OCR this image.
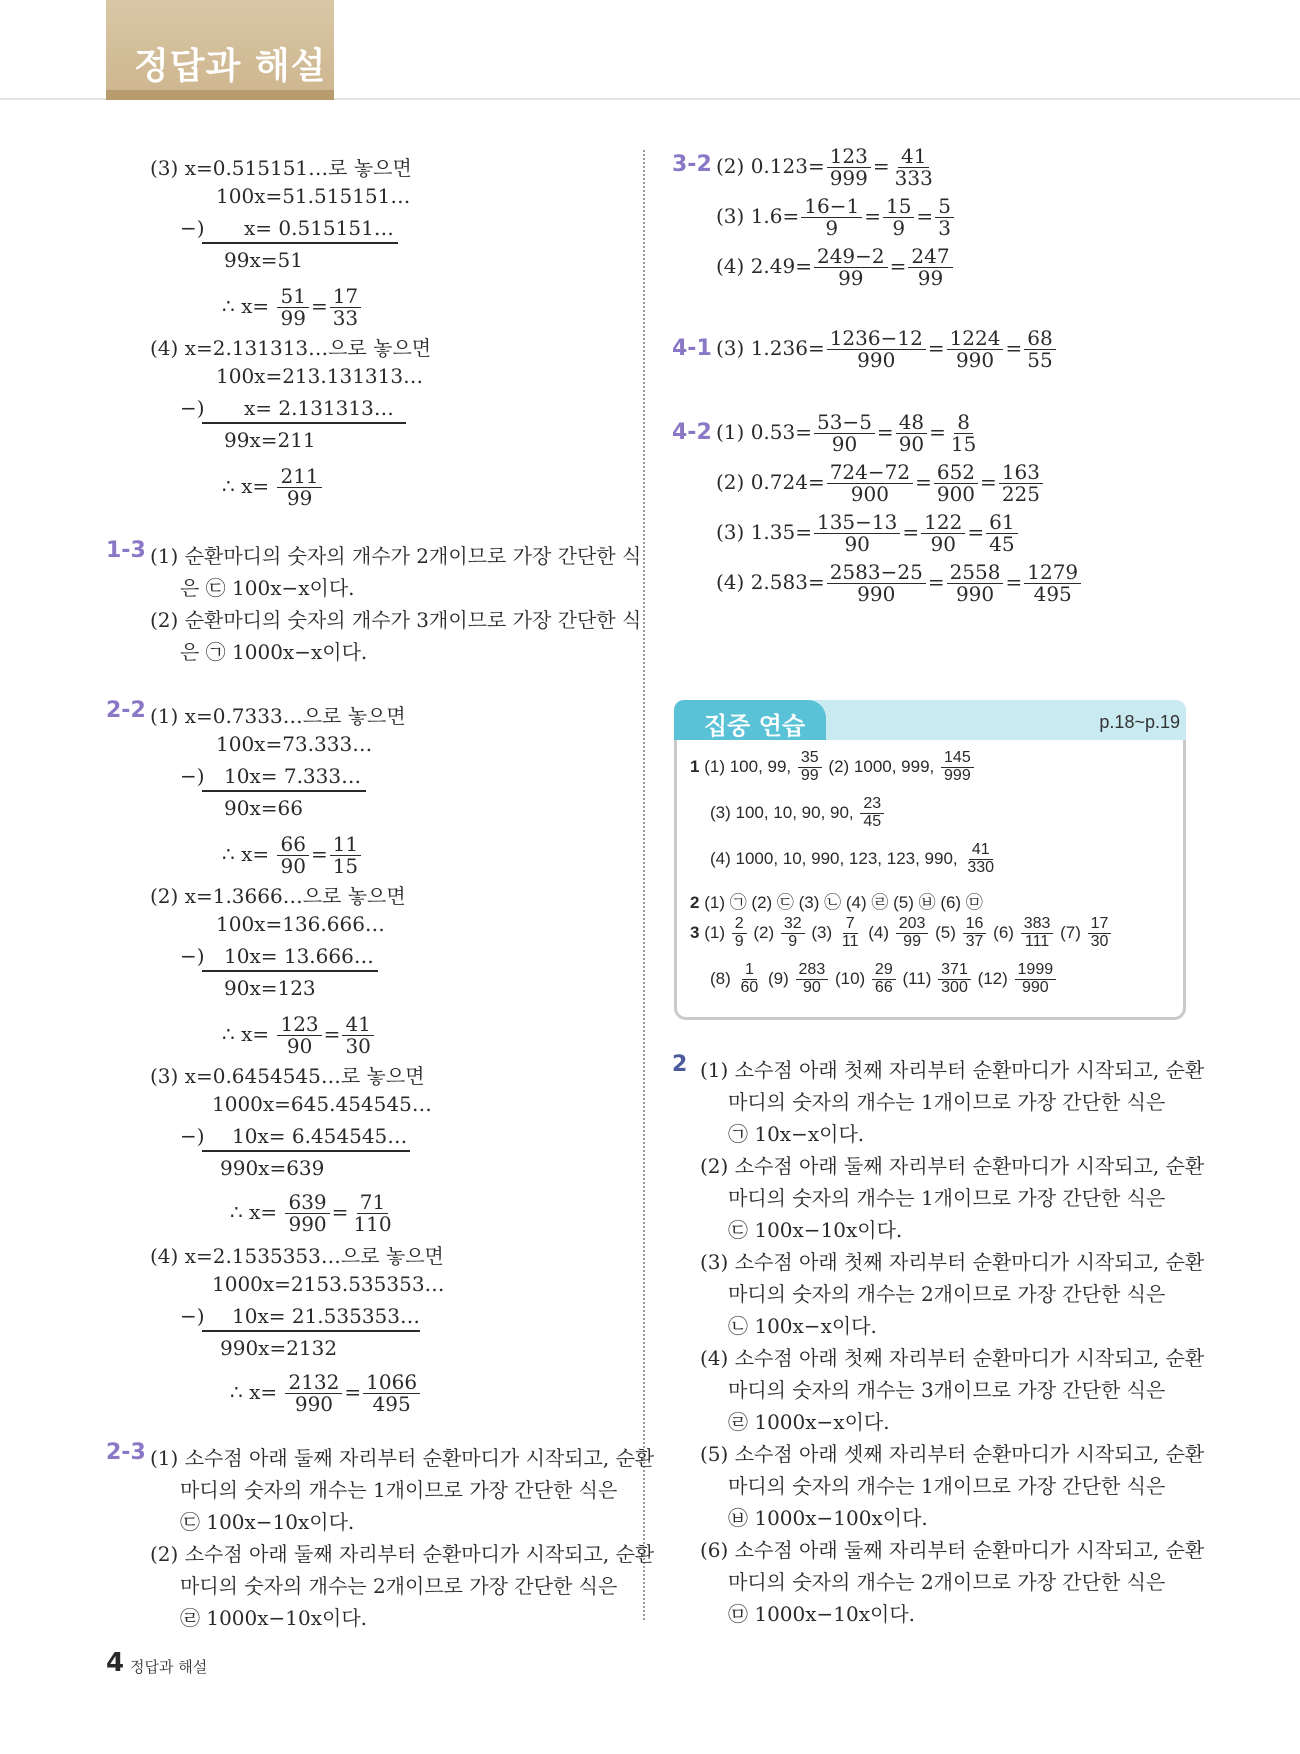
정답과 해설
(3) x=0.515151…로 놓으면
100x=51.515151…
−) x= 0.515151…
99x=51
∴ $x= \frac{51}{99} = \frac{17}{33}$
(4) x=2.131313…으로 놓으면
100x=213.131313…
−) x= 2.131313…
99x=211
∴ $x= \frac{211}{99}$
1-3 (1) 순환마디의 숫자의 개수가 2개이므로 가장 간단한 식
은 ㉢ 100x−x이다.
(2) 순환마디의 숫자의 개수가 3개이므로 가장 간단한 식
은 ㉠ 1000x−x이다.
2-2 (1) x=0.7333…으로 놓으면
100x=73.333…
−) 10x= 7.333…
90x=66
∴ $x= \frac{66}{90} = \frac{11}{15}$
(2) x=1.3666…으로 놓으면
100x=136.666…
−) 10x= 13.666…
90x=123
∴ $x= \frac{123}{90} = \frac{41}{30}$
(3) x=0.6454545…로 놓으면
1000x=645.454545…
−) 10x= 6.454545…
990x=639
∴ $x= \frac{639}{990} = \frac{71}{110}$
(4) x=2.1535353…으로 놓으면
1000x=2153.535353…
−) 10x= 21.535353…
990x=2132
∴ $x= \frac{2132}{990} = \frac{1066}{495}$
2-3 (1) 소수점 아래 둘째 자리부터 순환마디가 시작되고, 순환
마디의 숫자의 개수는 1개이므로 가장 간단한 식은
㉢ 100x−10x이다.
(2) 소수점 아래 둘째 자리부터 순환마디가 시작되고, 순환
마디의 숫자의 개수는 2개이므로 가장 간단한 식은
㉣ 1000x−10x이다.
3-2 (2) $0.123= \frac{123}{999} = \frac{41}{333}$
(3) $1.6= \frac{16-1}{9} = \frac{15}{9} = \frac{5}{3}$
(4) $2.49= \frac{249-2}{99} = \frac{247}{99}$
4-1 (3) $1.236= \frac{1236-12}{990} = \frac{1224}{990} = \frac{68}{55}$
4-2 (1) $0.53= \frac{53-5}{90} = \frac{48}{90} = \frac{8}{15}$
(2) $0.724= \frac{724-72}{900} = \frac{652}{900} = \frac{163}{225}$
(3) $1.35= \frac{135-13}{90} = \frac{122}{90} = \frac{61}{45}$
(4) $2.583= \frac{2583-25}{990} = \frac{2558}{990} = \frac{1279}{495}$
집중 연습	p.18~p.19
1 (1) 100, 99, $\frac{35}{99} (2)$ 1000, 999, $\frac{145}{999}$
(3) 100, 10, 90, 90, $\frac{23}{45}$
(4) 1000, 10, 990, 123, 123, 990, $\frac{41}{330}$
2 (1) ㉠ (2) ㉢ (3) ㉡ (4) ㉣ (5) ㉥ (6) ㉤
3 $(1) \frac{2}{9} (2) \frac{32}{9} (3) \frac{7}{11} (4) \frac{203}{99} (5) \frac{16}{37} (6) \frac{383}{111} (7) \frac{17}{30}$
$(8) \frac{1}{60} (9) \frac{283}{90} (10) \frac{29}{66} (11) \frac{371}{300} (12) \frac{1999}{990}$
2 (1) 소수점 아래 첫째 자리부터 순환마디가 시작되고, 순환
마디의 숫자의 개수는 1개이므로 가장 간단한 식은
㉠ 10x−x이다.
(2) 소수점 아래 둘째 자리부터 순환마디가 시작되고, 순환
마디의 숫자의 개수는 1개이므로 가장 간단한 식은
㉢ 100x−10x이다.
(3) 소수점 아래 첫째 자리부터 순환마디가 시작되고, 순환
마디의 숫자의 개수는 2개이므로 가장 간단한 식은
㉡ 100x−x이다.
(4) 소수점 아래 첫째 자리부터 순환마디가 시작되고, 순환
마디의 숫자의 개수는 3개이므로 가장 간단한 식은
㉣ 1000x−x이다.
(5) 소수점 아래 셋째 자리부터 순환마디가 시작되고, 순환
마디의 숫자의 개수는 1개이므로 가장 간단한 식은
㉥ 1000x−100x이다.
(6) 소수점 아래 둘째 자리부터 순환마디가 시작되고, 순환
마디의 숫자의 개수는 2개이므로 가장 간단한 식은
㉤ 1000x−10x이다.
4 정답과 해설
